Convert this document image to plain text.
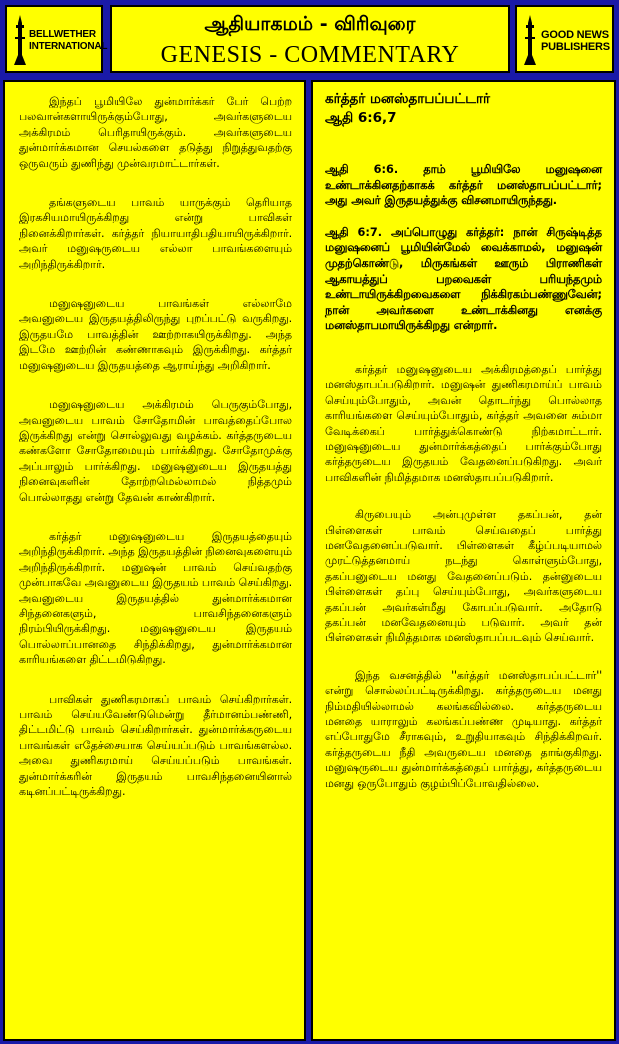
BELLWETHER
INTERNATIONAL
ஆதியாகமம் - விரிவுரை
GENESIS - COMMENTARY
GOOD NEWS
PUBLISHERS

இந்தப் பூமியிலே துன்மார்க்கர் பேர் பெற்ற பலவான்களாயிருக்கும்போது, அவர்களுடைய அக்கிரமம் பெரிதாயிருக்கும். அவர்களுடைய துன்மார்க்கமான செயல்களை தடுத்து நிறுத்துவதற்கு ஒருவரும் துணிந்து முன்வரமாட்டார்கள்.

தங்களுடைய பாவம் யாருக்கும் தெரியாத இரகசியமாயிருக்கிறது என்று பாவிகள் நினைக்கிறார்கள். கர்த்தர் நியாயாதிபதியாயிருக்கிறார். அவர் மனுஷருடைய எல்லா பாவங்களையும் அறிந்திருக்கிறார்.

மனுஷனுடைய பாவங்கள் எல்லாமே அவனுடைய இருதயத்திலிருந்து புறப்பட்டு வருகிறது. இருதயமே பாவத்தின் ஊற்றாகயிருக்கிறது. அந்த இடமே ஊற்றின் கண்ணாகவும் இருக்கிறது. கர்த்தர் மனுஷனுடைய இருதயத்தை ஆராய்ந்து அறிகிறார்.

மனுஷனுடைய அக்கிரமம் பெருகும்போது, அவனுடைய பாவம் சோதோமின் பாவத்தைப்போல இருக்கிறது என்று சொல்லுவது வழக்கம். கர்த்தருடைய கண்களோ சோதோமையும் பார்க்கிறது. சோதோமுக்கு அப்பாலும் பார்க்கிறது. மனுஷனுடைய இருதயத்து நினைவுகளின் தோற்றமெல்லாமல் நித்தமும் பொல்லாதது என்று தேவன் காண்கிறார்.

கர்த்தர் மனுஷனுடைய இருதயத்தையும் அறிந்திருக்கிறார். அந்த இருதயத்தின் நினைவுகளையும் அறிந்திருக்கிறார். மனுஷன் பாவம் செய்வதற்கு முன்பாகவே அவனுடைய இருதயம் பாவம் செய்கிறது. அவனுடைய இருதயத்தில் துன்மார்க்கமான சிந்தனைகளும், பாவசிந்தனைகளும் நிரம்பியிருக்கிறது. மனுஷனுடைய இருதயம் பொல்லாப்பானதை சிந்திக்கிறது, துன்மார்க்கமான காரியங்களை திட்டமிடுகிறது.

பாவிகள் துணிகரமாகப் பாவம் செய்கிறார்கள். பாவம் செய்யவேண்டுமென்று தீர்மானம்பண்ணி, திட்டமிட்டு பாவம் செய்கிறார்கள். துன்மார்க்கருடைய பாவங்கள் எதேச்சையாக செய்யப்படும் பாவங்களல்ல. அவை துணிகரமாய் செய்யப்படும் பாவங்கள். துன்மார்க்கரின் இருதயம் பாவசிந்தனையினால் கடினப்பட்டிருக்கிறது.

கர்த்தர் மனஸ்தாபப்பட்டார்
ஆதி 6:6,7

ஆதி 6:6. தாம் பூமியிலே மனுஷனை உண்டாக்கினதற்காகக் கர்த்தர் மனஸ்தாபப்பட்டார்; அது அவர் இருதயத்துக்கு விசனமாயிருந்தது.

ஆதி 6:7. அப்பொழுது கர்த்தர்: நான் சிருஷ்டித்த மனுஷனைப் பூமியின்மேல் வைக்காமல், மனுஷன் முதற்கொண்டு, மிருகங்கள் ஊரும் பிராணிகள் ஆகாயத்துப் பறவைகள் பரியந்தமும் உண்டாயிருக்கிறவைகளை நிக்கிரகம்பண்ணுவேன்; நான் அவர்களை உண்டாக்கினது எனக்கு மனஸ்தாபமாயிருக்கிறது என்றார்.

கர்த்தர் மனுஷனுடைய அக்கிரமத்தைப் பார்த்து மனஸ்தாபப்படுகிறார். மனுஷன் துணிகரமாய்ப் பாவம் செய்யும்போதும், அவன் தொடர்ந்து பொல்லாத காரியங்களை செய்யும்போதும், கர்த்தர் அவனை சும்மா வேடிக்கைப் பார்த்துக்கொண்டு நிற்கமாட்டார். மனுஷனுடைய துன்மார்க்கத்தைப் பார்க்கும்போது கர்த்தருடைய இருதயம் வேதனைப்படுகிறது. அவர் பாவிகளின் நிமித்தமாக மனஸ்தாபப்படுகிறார்.

கிருபையும் அன்புமுள்ள தகப்பன், தன் பிள்ளைகள் பாவம் செய்வதைப் பார்த்து மனவேதனைப்படுவார். பிள்ளைகள் கீழ்ப்படியாமல் முரட்டுத்தனமாய் நடந்து கொள்ளும்போது, தகப்பனுடைய மனது வேதனைப்படும். தன்னுடைய பிள்ளைகள் தப்பு செய்யும்போது, அவர்களுடைய தகப்பன் அவர்கள்மீது கோபப்படுவார். அதோடு தகப்பன் மனவேதனையும் படுவார். அவர் தன் பிள்ளைகள் நிமித்தமாக மனஸ்தாபப்படவும் செய்வார்.

இந்த வசனத்தில் ''கர்த்தர் மனஸ்தாபப்பட்டார்'' என்று சொல்லப்பட்டிருக்கிறது. கர்த்தருடைய மனது நிம்மதியில்லாமல் கலங்கவில்லை. கர்த்தருடைய மனதை யாராலும் கலங்கப்பண்ண முடியாது. கர்த்தர் எப்போதுமே சீராகவும், உறுதியாகவும் சிந்திக்கிறவர். கர்த்தருடைய நீதி அவருடைய மனதை தாங்குகிறது. மனுஷருடைய துன்மார்க்கத்தைப் பார்த்து, கர்த்தருடைய மனது ஒருபோதும் குழம்பிப்போவதில்லை.
